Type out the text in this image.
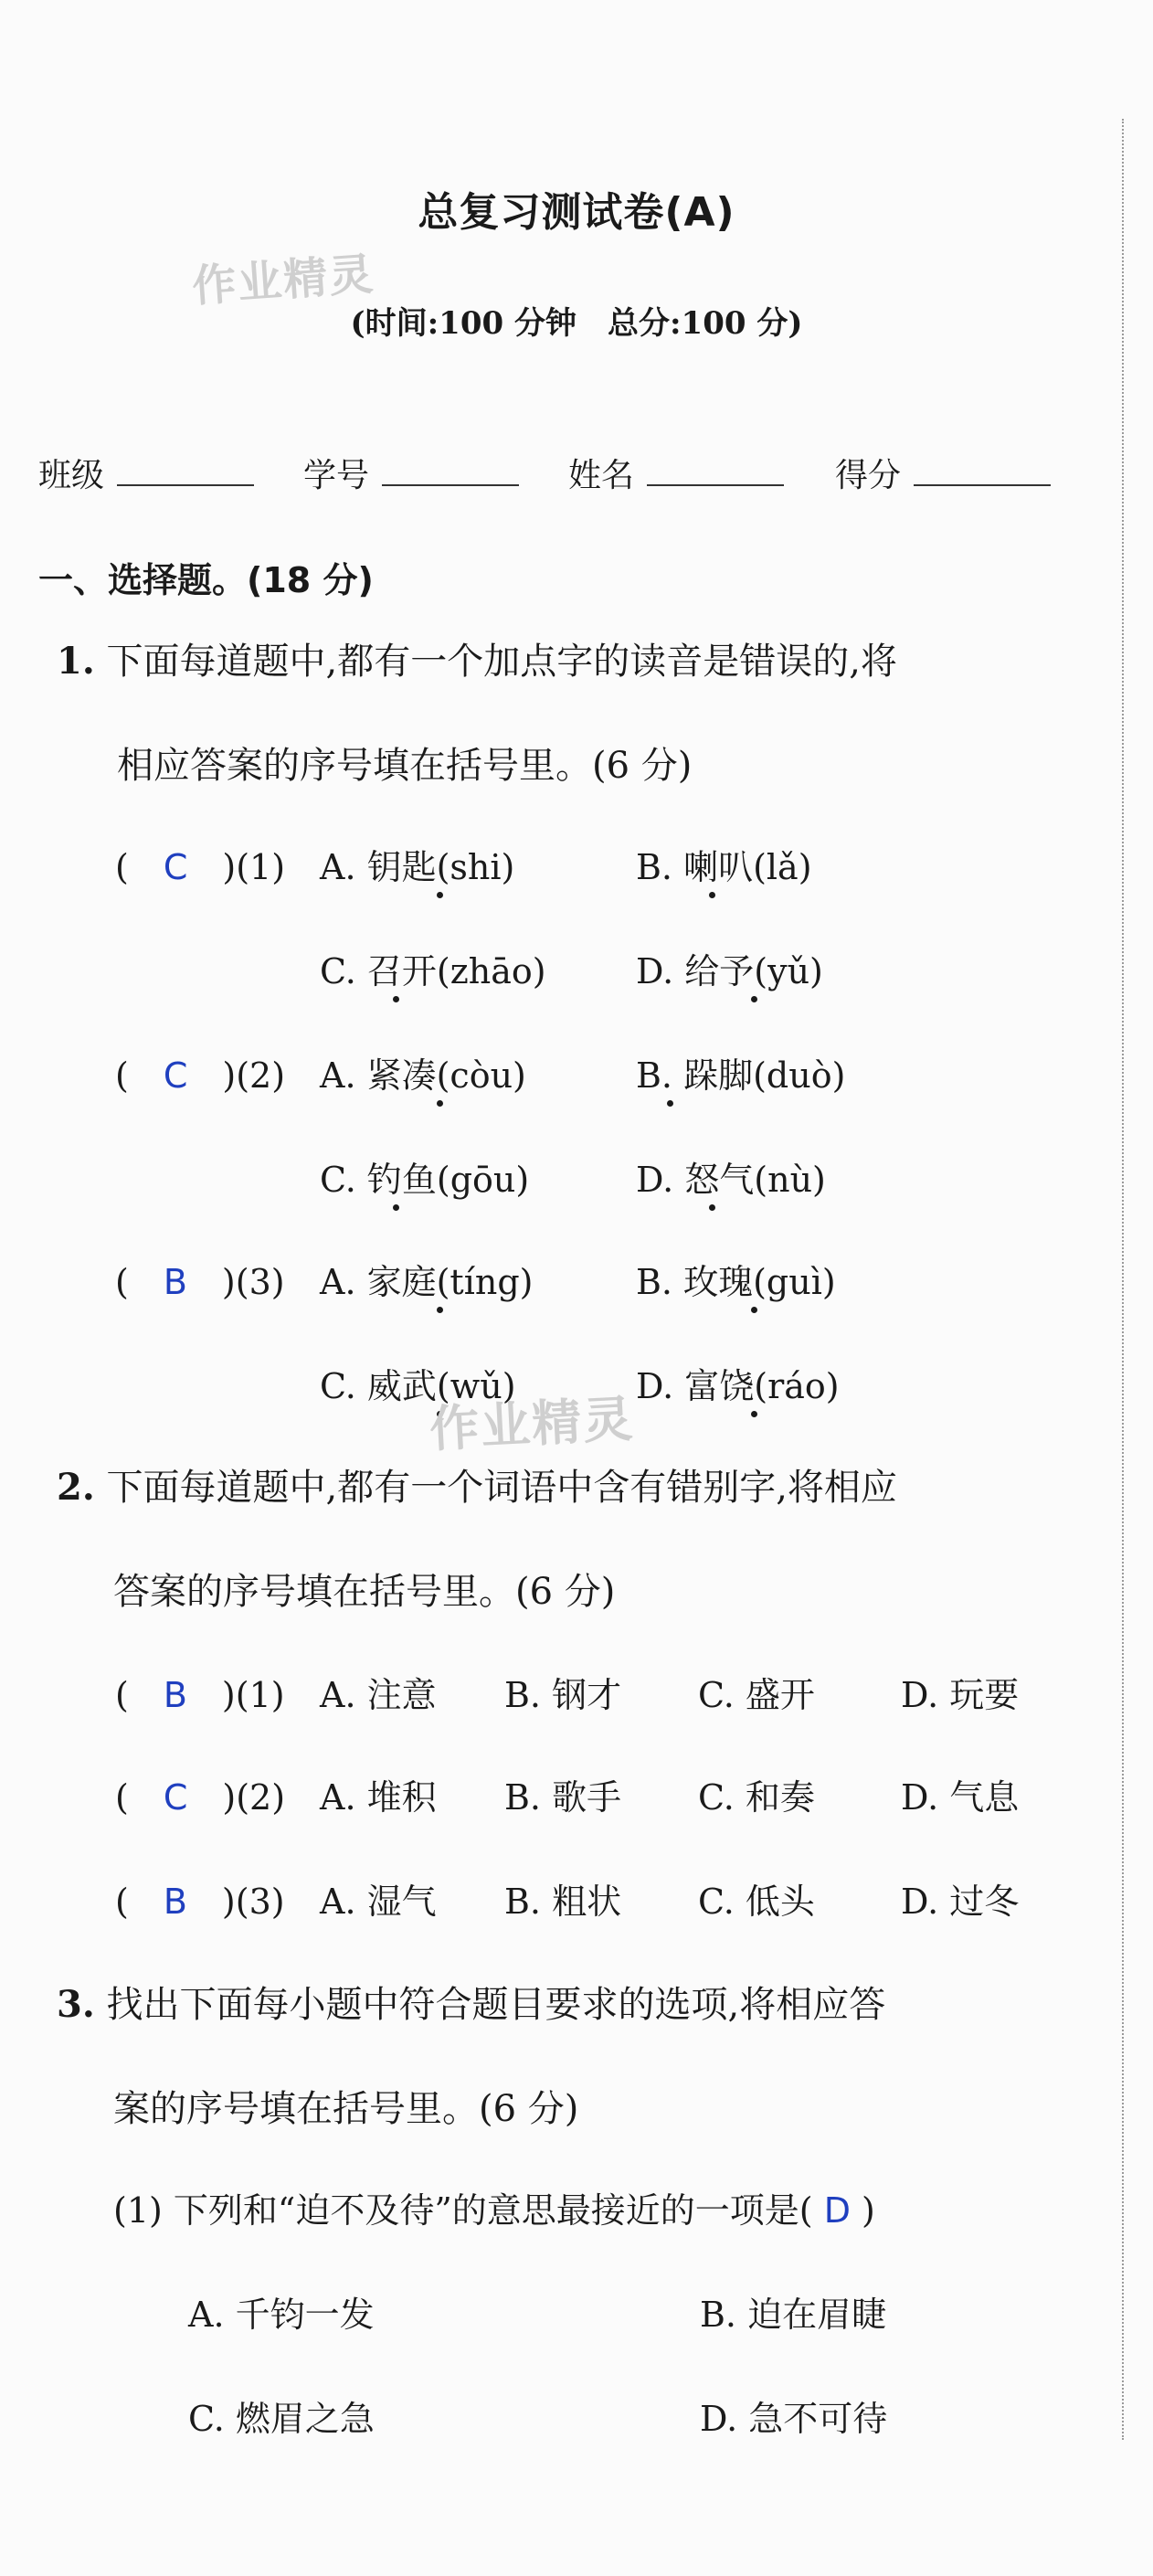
总复习测试卷(A)
作业精灵
(时间:100 分钟　总分:100 分)
班级	学号	姓名	得分
一、选择题。(18 分)
1. 下面每道题中,都有一个加点字的读音是错误的,将
相应答案的序号填在括号里。(6 分)
(　C　 )(1) A. 钥匙(shi)	B. 喇叭(lǎ)
C. 召开(zhāo)	D. 给予(yǔ)
(　C　 )(2) A. 紧凑(còu)	B. 跺脚(duò)
C. 钓鱼(gōu)	D. 怒气(nù)
(　B　 )(3) A. 家庭(tíng)	B. 玫瑰(guì)
C. 威武(wǔ)	D. 富饶(ráo)
作业精灵
2. 下面每道题中,都有一个词语中含有错别字,将相应
答案的序号填在括号里。(6 分)
(　B　 )(1) A. 注意 B. 钢才 C. 盛开 D. 玩要
(　C　 )(2) A. 堆积 B. 歌手 C. 和奏 D. 气息
(　B　 )(3) A. 湿气 B. 粗状 C. 低头 D. 过冬
3. 找出下面每小题中符合题目要求的选项,将相应答
案的序号填在括号里。(6 分)
(1) 下列和“迫不及待”的意思最接近的一项是( D )
A. 千钧一发	B. 迫在眉睫
C. 燃眉之急	D. 急不可待
